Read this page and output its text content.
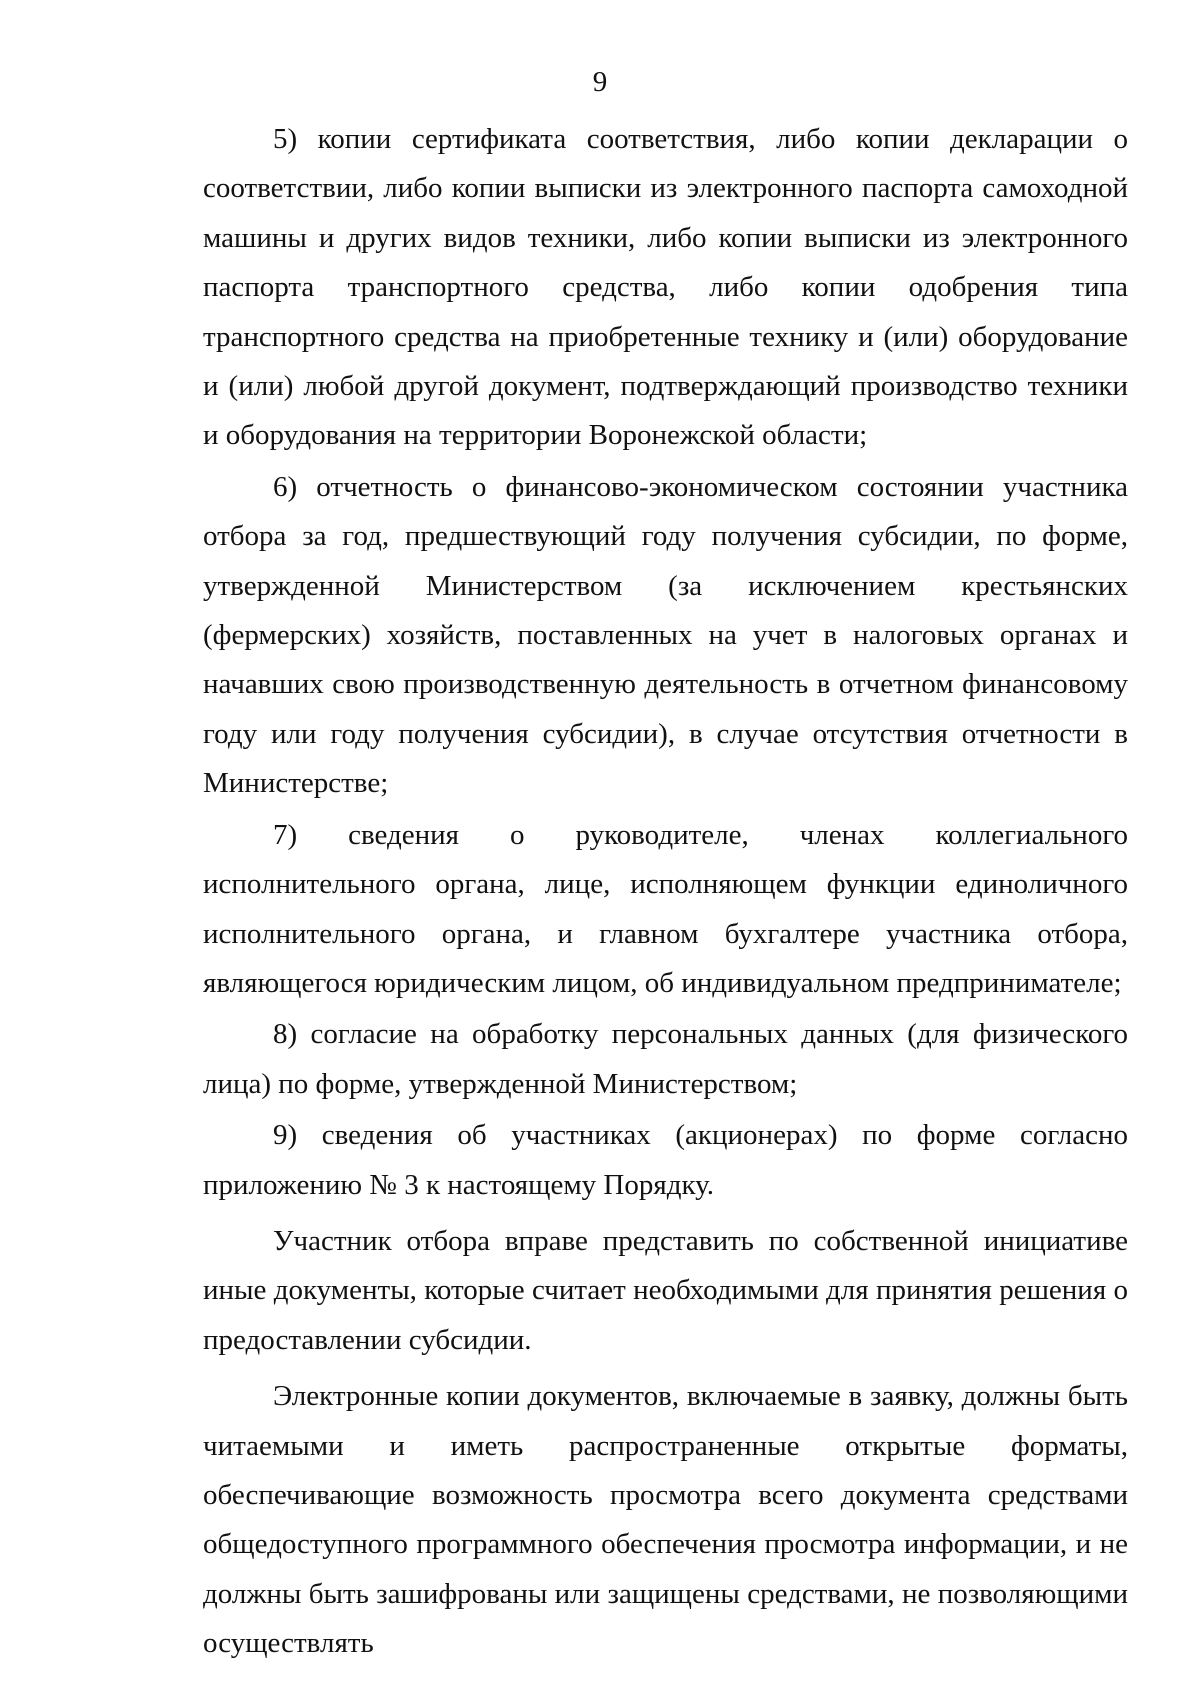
9

5) копии сертификата соответствия, либо копии декларации о соответствии, либо копии выписки из электронного паспорта самоходной машины и других видов техники, либо копии выписки из электронного паспорта транспортного средства, либо копии одобрения типа транспортного средства на приобретенные технику и (или) оборудование и (или) любой другой документ, подтверждающий производство техники и оборудования на территории Воронежской области;

6) отчетность о финансово-экономическом состоянии участника отбора за год, предшествующий году получения субсидии, по форме, утвержденной Министерством (за исключением крестьянских (фермерских) хозяйств, поставленных на учет в налоговых органах и начавших свою производственную деятельность в отчетном финансовому году или году получения субсидии), в случае отсутствия отчетности в Министерстве;

7) сведения о руководителе, членах коллегиального исполнительного органа, лице, исполняющем функции единоличного исполнительного органа, и главном бухгалтере участника отбора, являющегося юридическим лицом, об индивидуальном предпринимателе;

8) согласие на обработку персональных данных (для физического лица) по форме, утвержденной Министерством;

9) сведения об участниках (акционерах) по форме согласно приложению № 3 к настоящему Порядку.

Участник отбора вправе представить по собственной инициативе иные документы, которые считает необходимыми для принятия решения о предоставлении субсидии.

Электронные копии документов, включаемые в заявку, должны быть читаемыми и иметь распространенные открытые форматы, обеспечивающие возможность просмотра всего документа средствами общедоступного программного обеспечения просмотра информации, и не должны быть зашифрованы или защищены средствами, не позволяющими осуществлять
